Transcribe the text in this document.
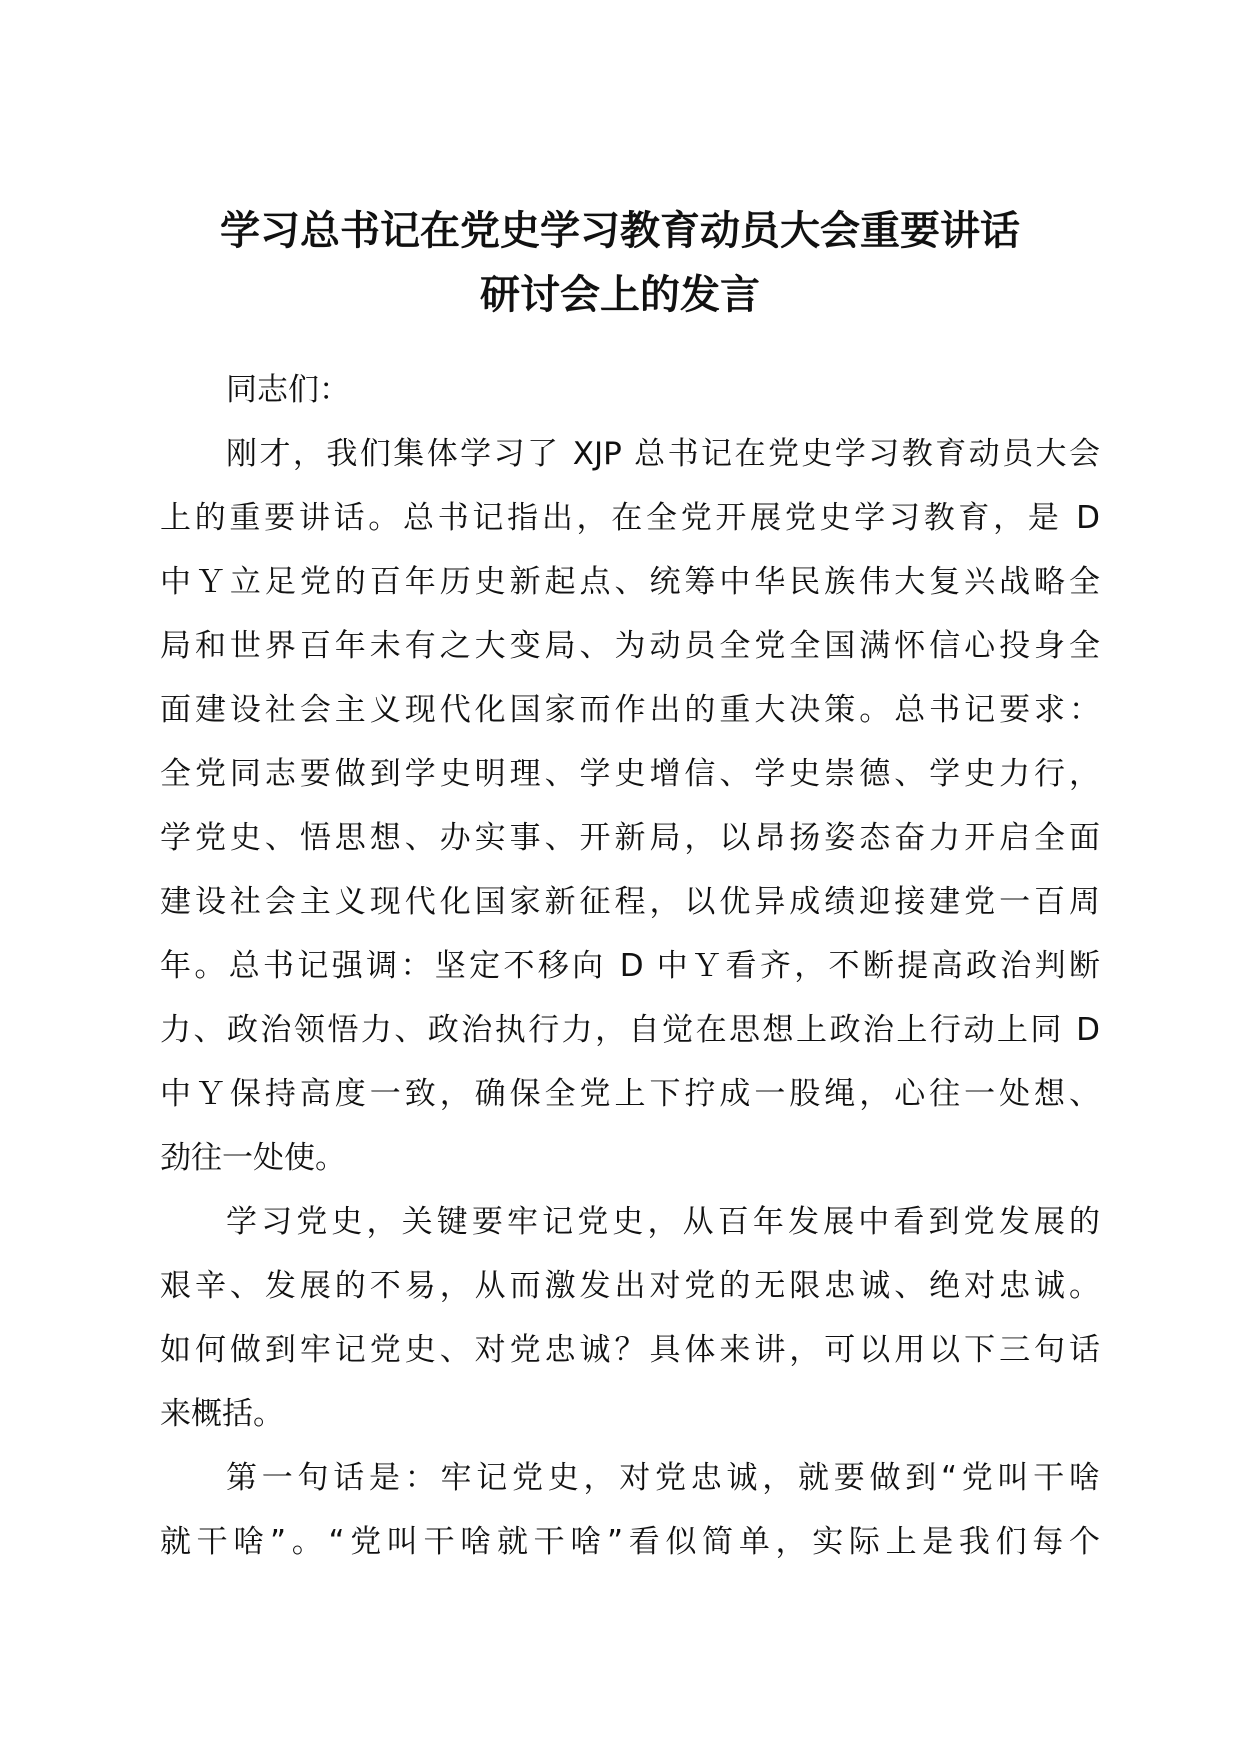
学习总书记在党史学习教育动员大会重要讲话
研讨会上的发言

同志们：

刚才，我们集体学习了 XJP 总书记在党史学习教育动员大会

上的重要讲话。总书记指出，在全党开展党史学习教育，是 D

中Ｙ立足党的百年历史新起点、统筹中华民族伟大复兴战略全

局和世界百年未有之大变局、为动员全党全国满怀信心投身全

面建设社会主义现代化国家而作出的重大决策。总书记要求：

全党同志要做到学史明理、学史增信、学史崇德、学史力行，

学党史、悟思想、办实事、开新局，以昂扬姿态奋力开启全面

建设社会主义现代化国家新征程，以优异成绩迎接建党一百周

年。总书记强调：坚定不移向 D 中Ｙ看齐，不断提高政治判断

力、政治领悟力、政治执行力，自觉在思想上政治上行动上同 D

中Ｙ保持高度一致，确保全党上下拧成一股绳，心往一处想、

劲往一处使。

学习党史，关键要牢记党史，从百年发展中看到党发展的

艰辛、发展的不易，从而激发出对党的无限忠诚、绝对忠诚。

如何做到牢记党史、对党忠诚？具体来讲，可以用以下三句话

来概括。

第一句话是：牢记党史，对党忠诚，就要做到“党叫干啥

就干啥”。“党叫干啥就干啥”看似简单，实际上是我们每个
